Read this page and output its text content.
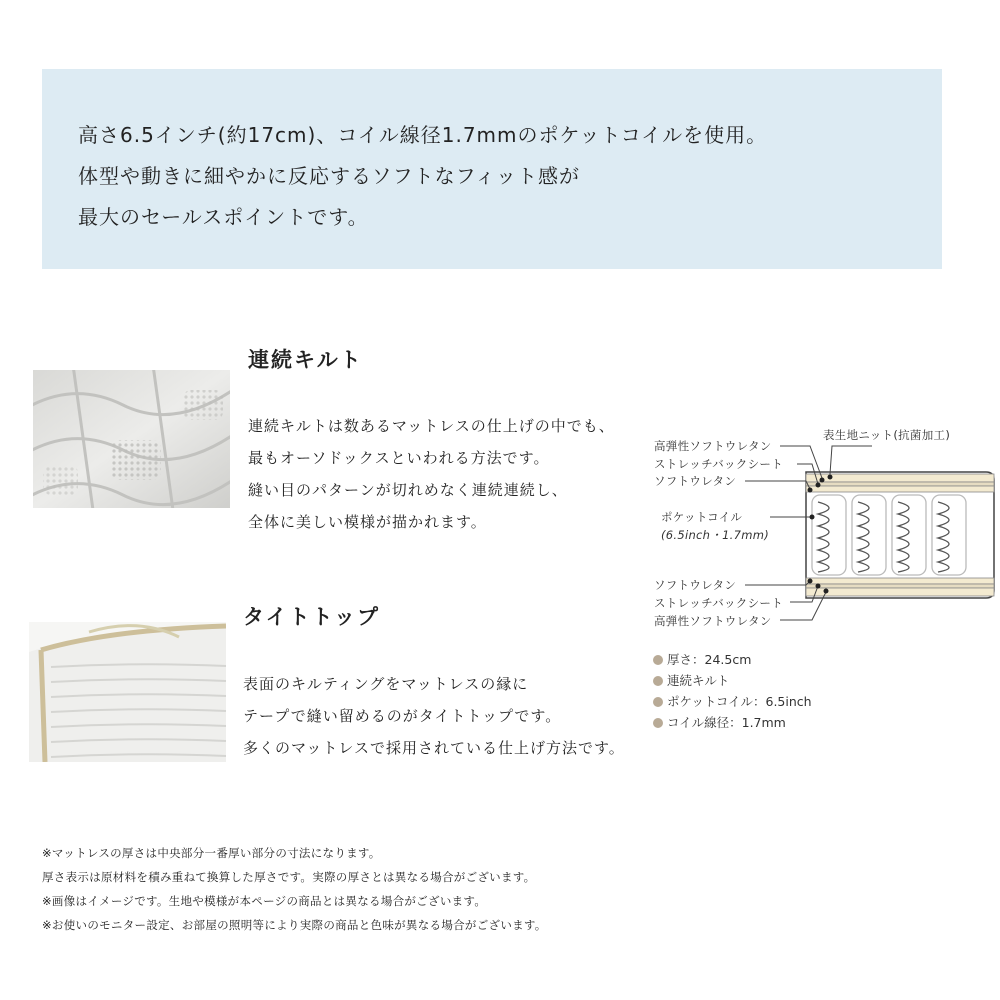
高さ6.5インチ(約17cm)、コイル線径1.7mmのポケットコイルを使用。

体型や動きに細やかに反応するソフトなフィット感が

最大のセールスポイントです。

連続キルト

連続キルトは数あるマットレスの仕上げの中でも、

最もオーソドックスといわれる方法です。

縫い目のパターンが切れめなく連続連続し、

全体に美しい模様が描かれます。

タイトトップ

表面のキルティングをマットレスの縁に

テープで縫い留めるのがタイトトップです。

多くのマットレスで採用されている仕上げ方法です。

表生地ニット(抗菌加工)
高弾性ソフトウレタン
ストレッチバックシート
ソフトウレタン
ポケットコイル
(6.5inch・1.7mm)
ソフトウレタン
ストレッチバックシート
高弾性ソフトウレタン
厚さ：24.5cm
連続キルト
ポケットコイル：6.5inch
コイル線径：1.7mm

※マットレスの厚さは中央部分一番厚い部分の寸法になります。

厚さ表示は原材料を積み重ねて換算した厚さです。実際の厚さとは異なる場合がございます。

※画像はイメージです。生地や模様が本ページの商品とは異なる場合がございます。

※お使いのモニター設定、お部屋の照明等により実際の商品と色味が異なる場合がございます。
